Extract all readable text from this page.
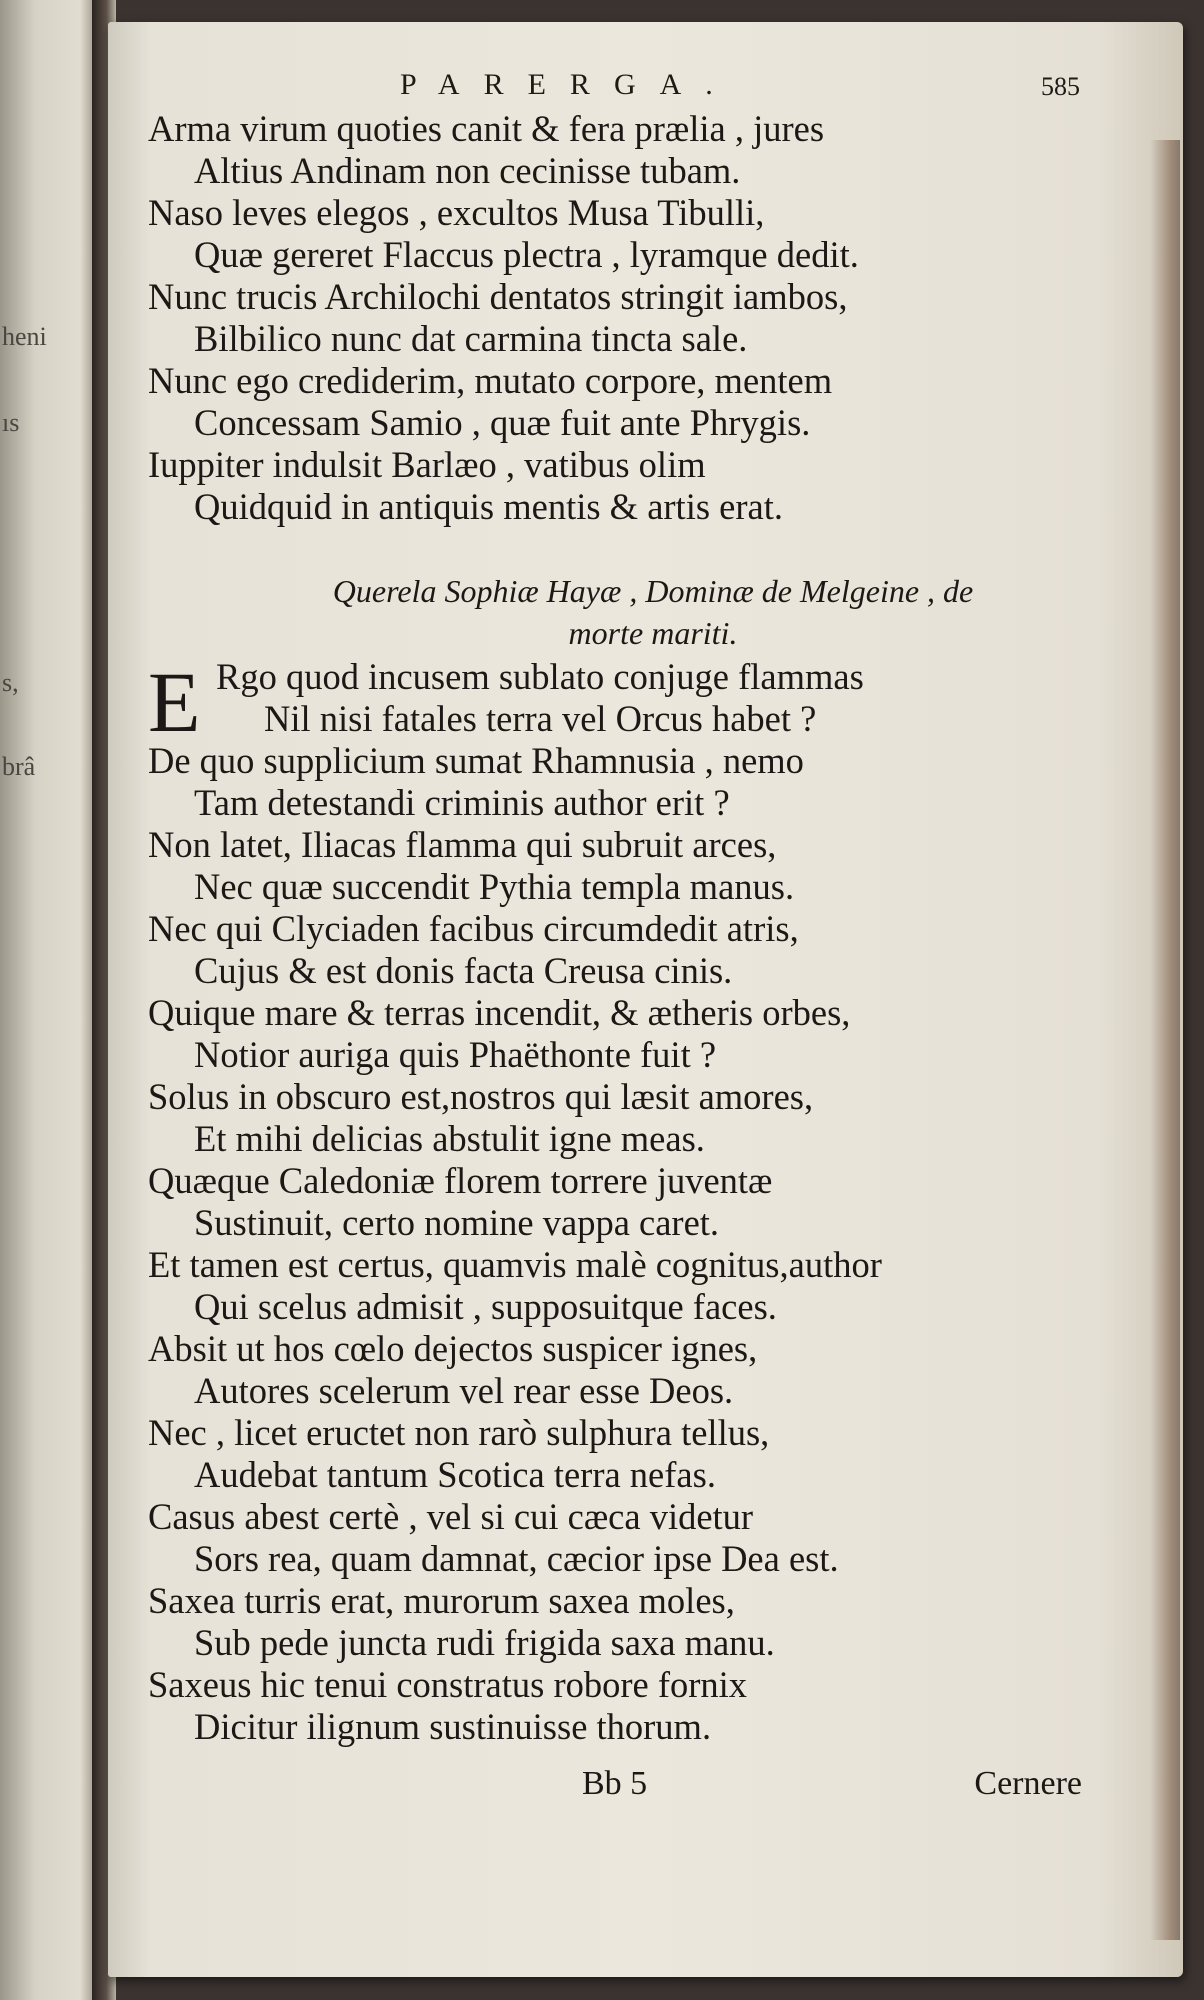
heni
ıs
s,
brâ
PARERGA.	585
Arma virum quoties canit & fera prælia , jures
Altius Andinam non cecinisse tubam.
Naso leves elegos , excultos Musa Tibulli,
Quæ gereret Flaccus plectra , lyramque dedit.
Nunc trucis Archilochi dentatos stringit iambos,
Bilbilico nunc dat carmina tincta sale.
Nunc ego crediderim, mutato corpore, mentem
Concessam Samio , quæ fuit ante Phrygis.
Iuppiter indulsit Barlæo , vatibus olim
Quidquid in antiquis mentis & artis erat.
Querela Sophiæ Hayæ , Dominæ de Melgeine , de
morte mariti.
E Rgo quod incusem sublato conjuge flammas
Nil nisi fatales terra vel Orcus habet ?
De quo supplicium sumat Rhamnusia , nemo
Tam detestandi criminis author erit ?
Non latet, Iliacas flamma qui subruit arces,
Nec quæ succendit Pythia templa manus.
Nec qui Clyciaden facibus circumdedit atris,
Cujus & est donis facta Creusa cinis.
Quique mare & terras incendit, & ætheris orbes,
Notior auriga quis Phaëthonte fuit ?
Solus in obscuro est,nostros qui læsit amores,
Et mihi delicias abstulit igne meas.
Quæque Caledoniæ florem torrere juventæ
Sustinuit, certo nomine vappa caret.
Et tamen est certus, quamvis malè cognitus,author
Qui scelus admisit , supposuitque faces.
Absit ut hos cœlo dejectos suspicer ignes,
Autores scelerum vel rear esse Deos.
Nec , licet eructet non rarò sulphura tellus,
Audebat tantum Scotica terra nefas.
Casus abest certè , vel si cui cæca videtur
Sors rea, quam damnat, cæcior ipse Dea est.
Saxea turris erat, murorum saxea moles,
Sub pede juncta rudi frigida saxa manu.
Saxeus hic tenui constratus robore fornix
Dicitur ilignum sustinuisse thorum.
Bb 5	Cernere
